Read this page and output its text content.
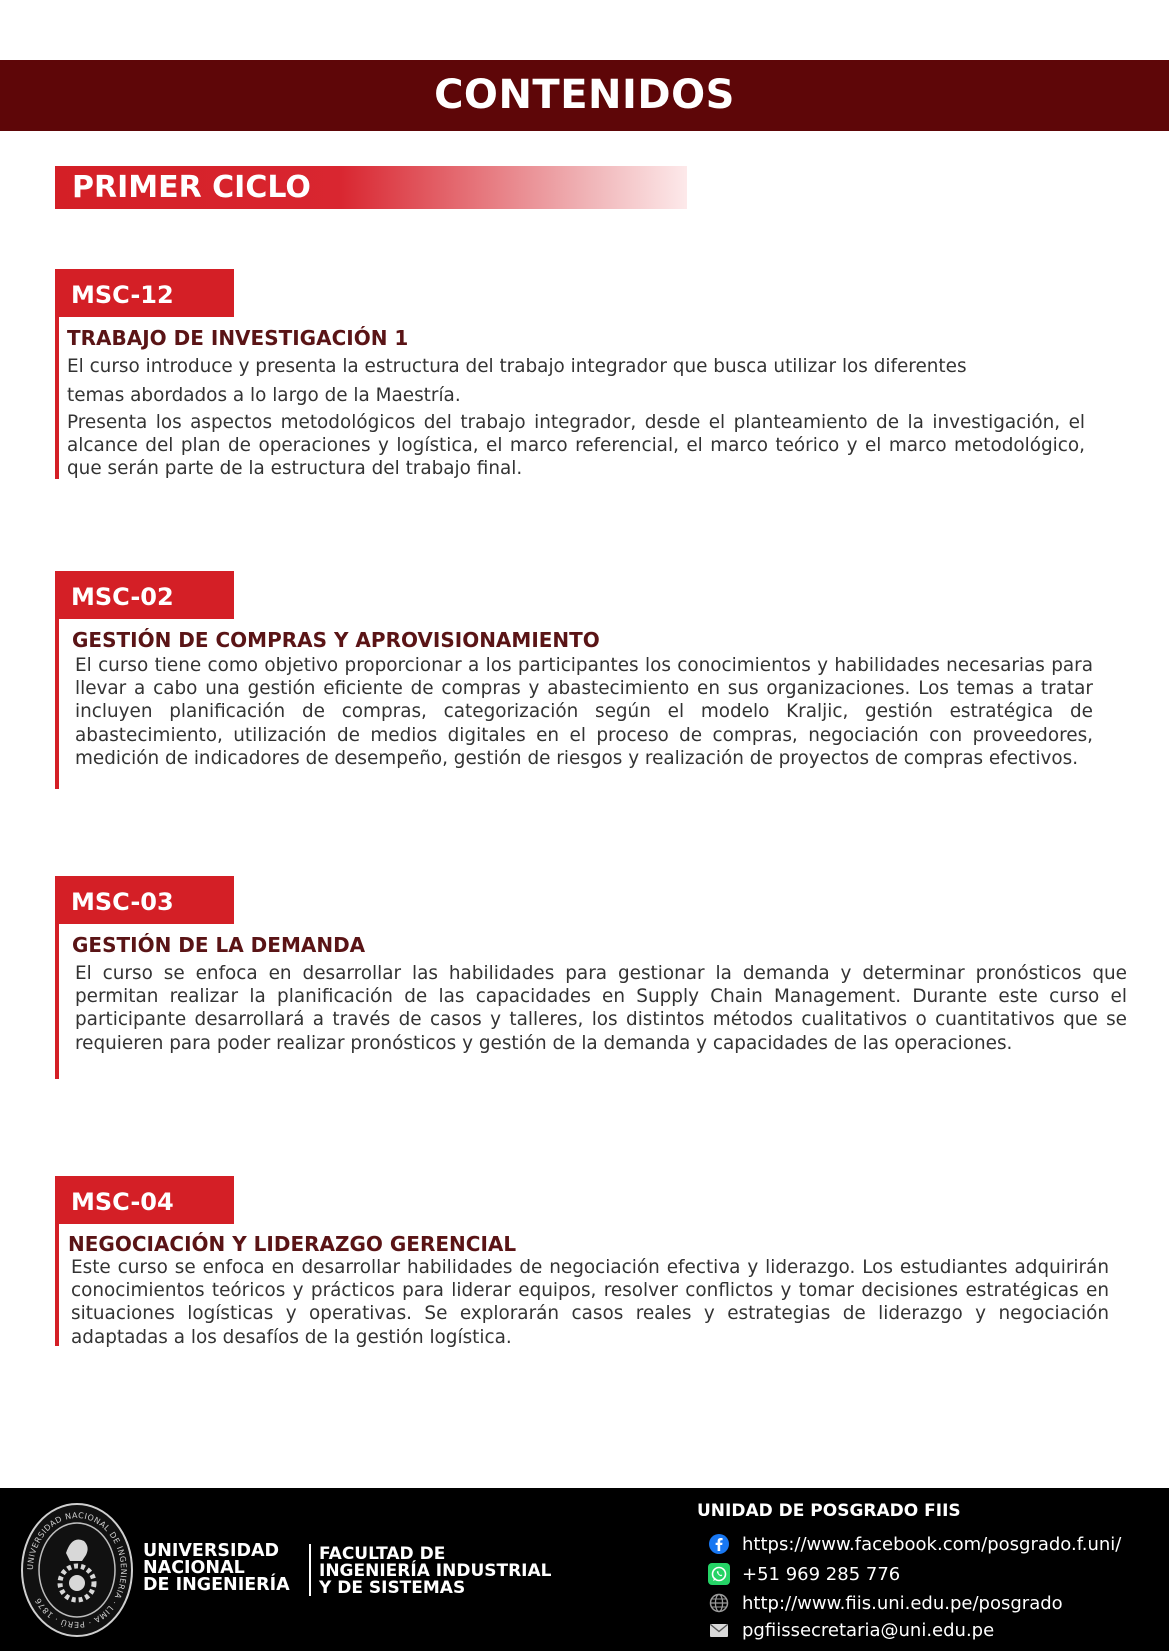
CONTENIDOS
PRIMER CICLO
MSC-12
TRABAJO DE INVESTIGACIÓN 1

El curso introduce y presenta la estructura del trabajo integrador que busca utilizar los diferentes temas abordados a lo largo de la Maestría.

Presenta los aspectos metodológicos del trabajo integrador, desde el planteamiento de la investigación, el alcance del plan de operaciones y logística, el marco referencial, el marco teórico y el marco metodológico, que serán parte de la estructura del trabajo final.

MSC-02
GESTIÓN DE COMPRAS Y APROVISIONAMIENTO

El curso tiene como objetivo proporcionar a los participantes los conocimientos y habilidades necesarias para llevar a cabo una gestión eficiente de compras y abastecimiento en sus organizaciones. Los temas a tratar incluyen planificación de compras, categorización según el modelo Kraljic, gestión estratégica de abastecimiento, utilización de medios digitales en el proceso de compras, negociación con proveedores, medición de indicadores de desempeño, gestión de riesgos y realización de proyectos de compras efectivos.

MSC-03
GESTIÓN DE LA DEMANDA

El curso se enfoca en desarrollar las habilidades para gestionar la demanda y determinar pronósticos que permitan realizar la planificación de las capacidades en Supply Chain Management. Durante este curso el participante desarrollará a través de casos y talleres, los distintos métodos cualitativos o cuantitativos que se requieren para poder realizar pronósticos y gestión de la demanda y capacidades de las operaciones.

MSC-04
NEGOCIACIÓN Y LIDERAZGO GERENCIAL

Este curso se enfoca en desarrollar habilidades de negociación efectiva y liderazgo. Los estudiantes adquirirán conocimientos teóricos y prácticos para liderar equipos, resolver conflictos y tomar decisiones estratégicas en situaciones logísticas y operativas. Se explorarán casos reales y estrategias de liderazgo y negociación adaptadas a los desafíos de la gestión logística.

UNIVERSIDAD NACIONAL DE INGENIERIA · LIMA · PERÚ · 1876
UNIVERSIDAD
NACIONAL
DE INGENIERÍA
FACULTAD DE
INGENIERÍA INDUSTRIAL
Y DE SISTEMAS
UNIDAD DE POSGRADO FIIS
https://www.facebook.com/posgrado.f.uni/
+51 969 285 776
http://www.fiis.uni.edu.pe/posgrado
pgfiissecretaria@uni.edu.pe
